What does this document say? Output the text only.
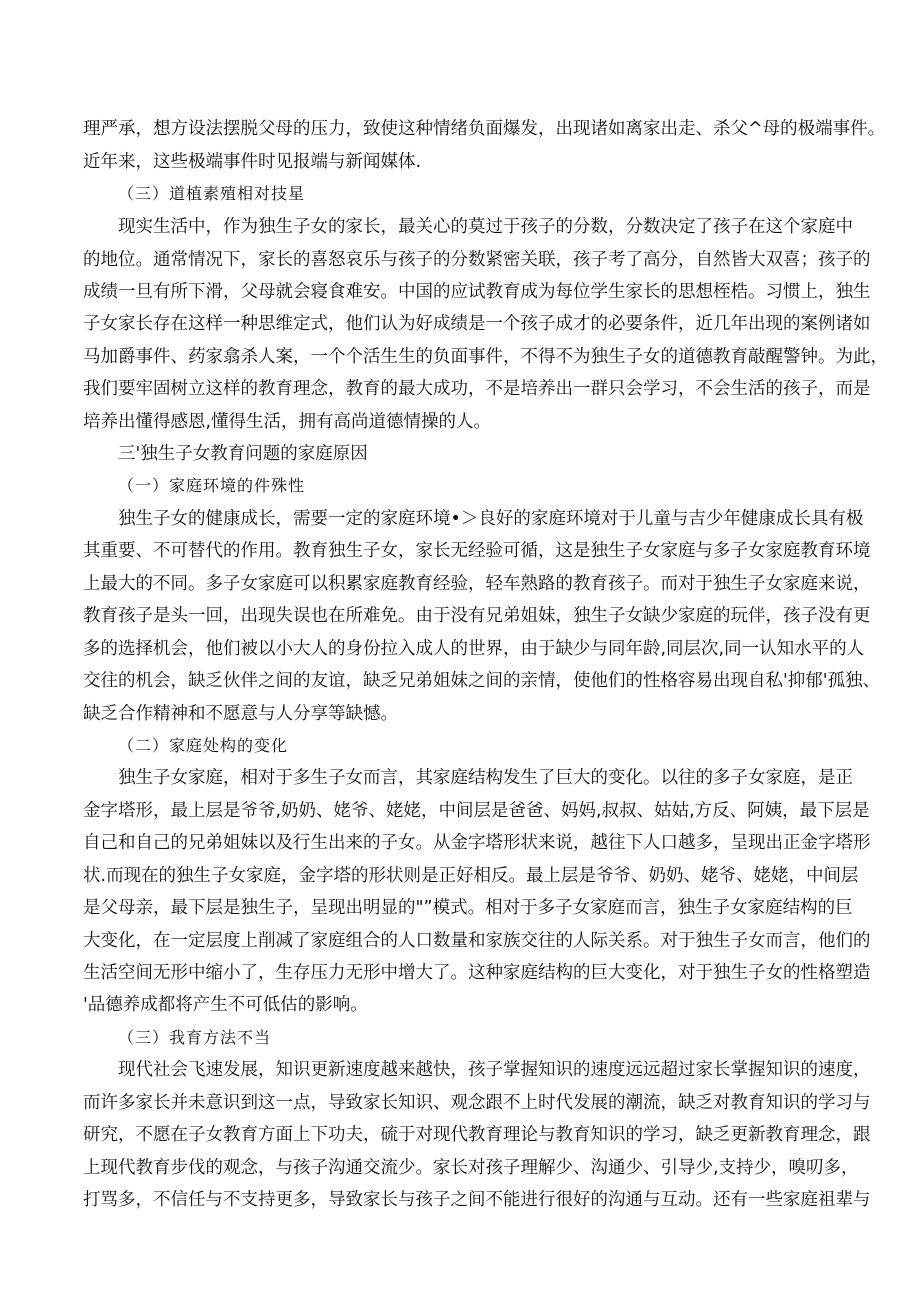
理严承，想方设法摆脱父母的压力，致使这种情绪负面爆发，出现诸如离家出走、杀父^母的极端事件。
近年来，这些极端事件时见报端与新闻媒体.
（三）道植素殖相对技星
现实生活中，作为独生子女的家长，最关心的莫过于孩子的分数，分数决定了孩子在这个家庭中
的地位。通常情况下，家长的喜怒哀乐与孩子的分数紧密关联，孩子考了高分，自然皆大双喜；孩子的
成绩一旦有所下滑，父母就会寝食难安。中国的应试教育成为每位学生家长的思想桎梏。习惯上，独生
子女家长存在这样一种思维定式，他们认为好成绩是一个孩子成才的必要条件，近几年出现的案例诸如
马加爵事件、药家翕杀人案，一个个活生生的负面事件，不得不为独生子女的道德教育敲醒警钟。为此，
我们要牢固树立这样的教育理念，教育的最大成功，不是培养出一群只会学习，不会生活的孩子，而是
培养出懂得感恩,懂得生活，拥有高尚道德情操的人。
三'独生子女教育问题的家庭原因
（一）家庭环境的件殊性
独生子女的健康成长，需要一定的家庭环境•＞良好的家庭环境对于儿童与吉少年健康成长具有极
其重要、不可替代的作用。教育独生子女，家长无经验可循，这是独生子女家庭与多子女家庭教育环境
上最大的不同。多子女家庭可以积累家庭教育经验，轻车熟路的教育孩子。而对于独生子女家庭来说，
教育孩子是头一回，出现失误也在所难免。由于没有兄弟姐妹，独生子女缺少家庭的玩伴，孩子没有更
多的选择机会，他们被以小大人的身份拉入成人的世界，由于缺少与同年龄,同层次,同一认知水平的人
交往的机会，缺乏伙伴之间的友谊，缺乏兄弟姐妹之间的亲情，使他们的性格容易出现自私'抑郁'孤独、
缺乏合作精神和不愿意与人分享等缺憾。
（二）家庭处构的变化
独生子女家庭，相对于多生子女而言，其家庭结构发生了巨大的变化。以往的多子女家庭，是正
金字塔形，最上层是爷爷,奶奶、姥爷、姥姥，中间层是爸爸、妈妈,叔叔、姑姑,方反、阿姨，最下层是
自己和自己的兄弟姐妹以及行生出来的子女。从金字塔形状来说，越往下人口越多，呈现出正金字塔形
状.而现在的独生子女家庭，金字塔的形状则是正好相反。最上层是爷爷、奶奶、姥爷、姥姥，中间层
是父母亲，最下层是独生子，呈现出明显的"”模式。相对于多子女家庭而言，独生子女家庭结构的巨
大变化，在一定层度上削减了家庭组合的人口数量和家族交往的人际关系。对于独生子女而言，他们的
生活空间无形中缩小了，生存压力无形中增大了。这种家庭结构的巨大变化，对于独生子女的性格塑造
'品德养成都将产生不可低估的影响。
（三）我育方法不当
现代社会飞速发展，知识更新速度越来越快，孩子掌握知识的速度远远超过家长掌握知识的速度，
而许多家长并未意识到这一点，导致家长知识、观念跟不上时代发展的潮流，缺乏对教育知识的学习与
研究，不愿在子女教育方面上下功夫，硫于对现代教育理论与教育知识的学习，缺乏更新教育理念，跟
上现代教育步伐的观念，与孩子沟通交流少。家长对孩子理解少、沟通少、引导少,支持少，嗅叨多，
打骂多，不信任与不支持更多，导致家长与孩子之间不能进行很好的沟通与互动。还有一些家庭祖辈与
